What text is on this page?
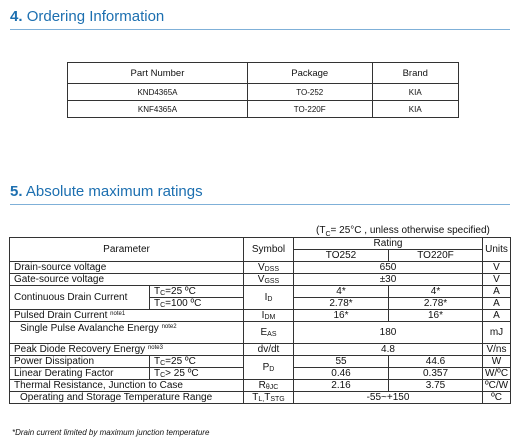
4. Ordering Information
Part Number	Package	Brand
KND4365A	TO-252	KIA
KNF4365A	TO-220F	KIA
5. Absolute maximum ratings
($T_C= 25^\circ C$ , unless otherwise specified)
Parameter		Symbol	Rating		Units
			TO252	TO220F	
Drain-source voltage		$V_{DSS}$	650		V
Gate-source voltage		$V_{GSS}$	±30		V
Continuous Drain Current	$T_C=25$ ºC	$I_D$	4*	4*	A
	$T_C=100$ ºC		2.78*	2.78*	A
Pulsed Drain Current $^{note1}$		$I_{DM}$	16*	16*	A
Single Pulse Avalanche Energy $^{note2}$		$E_{AS}$	180		mJ
Peak Diode Recovery Energy $^{note3}$		dv/dt	4.8		V/ns
Power Dissipation	$T_C=25$ ºC	$P_D$	55	44.6	W
Linear Derating Factor	$T_C> 25$ ºC		0.46	0.357	W/ºC
Thermal Resistance, Junction to Case		$R_{\theta JC}$	2.16	3.75	ºC/W
Operating and Storage Temperature Range		$T_{L,}T_{STG}$	-55~+150		ºC
*Drain current limited by maximum junction temperature
